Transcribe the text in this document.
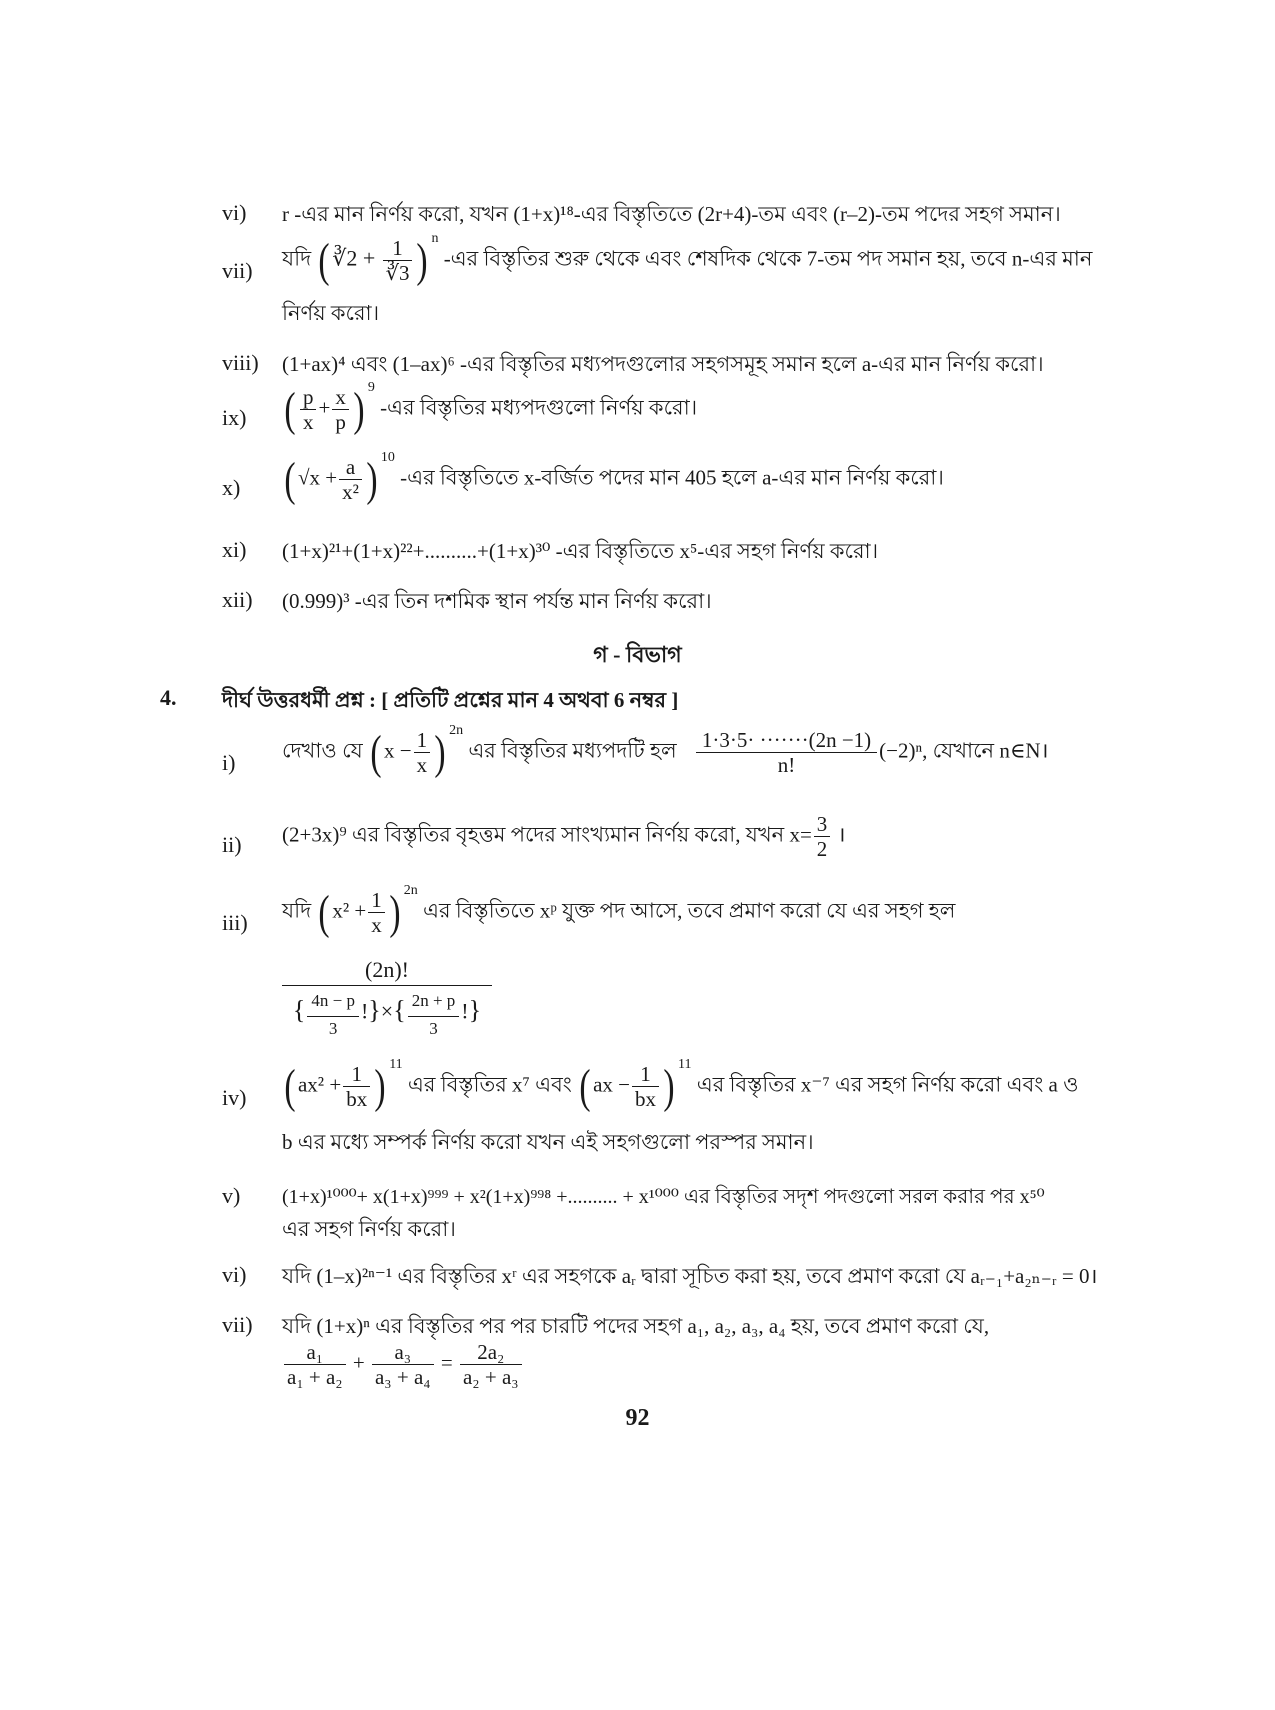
vi) r -এর মান নির্ণয় করো, যখন (1+x)¹⁸-এর বিস্তৃতিতে (2r+4)-তম এবং (r–2)-তম পদের সহগ সমান।
vii) যদি ( ∛2 + $\frac{1}{∛3}$ ) $^n$ -এর বিস্তৃতির শুরু থেকে এবং শেষদিক থেকে 7-তম পদ সমান হয়, তবে n-এর মান
নির্ণয় করো।
viii) (1+ax)⁴ এবং (1–ax)⁶ -এর বিস্তৃতির মধ্যপদগুলোর সহগসমূহ সমান হলে a-এর মান নির্ণয় করো।
ix) ( $\frac{p}{x} + \frac{x}{p}$ ) $^9$ -এর বিস্তৃতির মধ্যপদগুলো নির্ণয় করো।
x) ( $√x + \frac{a}{\text{x²}}$ ) $^{10}$ -এর বিস্তৃতিতে x-বর্জিত পদের মান 405 হলে a-এর মান নির্ণয় করো।
xi) (1+x)²¹+(1+x)²²+..........+(1+x)³⁰ -এর বিস্তৃতিতে x⁵-এর সহগ নির্ণয় করো।
xii) (0.999)³ -এর তিন দশমিক স্থান পর্যন্ত মান নির্ণয় করো।
গ - বিভাগ
4. দীর্ঘ উত্তরধর্মী প্রশ্ন : [ প্রতিটি প্রশ্নের মান 4 অথবা 6 নম্বর ]
i) দেখাও যে ( $x - \frac{1}{x}$ ) $^{2n}$ এর বিস্তৃতির মধ্যপদটি হল $\frac{1\cdot 3\cdot 5\cdot \cdot\cdot\cdot\cdot\cdot\cdot\cdot(2n -1)}{n!} (-2)^n$, যেখানে n∈N।
ii) (2+3x)⁹ এর বিস্তৃতির বৃহত্তম পদের সাংখ্যমান নির্ণয় করো, যখন $x= \frac{3}{2}$ ।
iii) যদি ( $x^2 + \frac{1}{x}$ ) $^{2n}$ এর বিস্তৃতিতে xᵖ যুক্ত পদ আসে, তবে প্রমাণ করো যে এর সহগ হল
(2n)!
{ $\frac{4n - p}{3}$ !}×{ $\frac{2n + p}{3}$ !}
iv) ( $ax^2 + \frac{1}{bx}$ ) $^{11}$ এর বিস্তৃতির x⁷ এবং ( ax − $\frac{1}{bx}$ ) $^{11}$ এর বিস্তৃতির x⁻⁷ এর সহগ নির্ণয় করো এবং a ও
b এর মধ্যে সম্পর্ক নির্ণয় করো যখন এই সহগগুলো পরস্পর সমান।
v) (1+x)¹⁰⁰⁰+ x(1+x)⁹⁹⁹ + x²(1+x)⁹⁹⁸ +.......... + x¹⁰⁰⁰ এর বিস্তৃতির সদৃশ পদগুলো সরল করার পর x⁵⁰
এর সহগ নির্ণয় করো।
vi) যদি (1–x)²ⁿ⁻¹ এর বিস্তৃতির xʳ এর সহগকে aᵣ দ্বারা সূচিত করা হয়, তবে প্রমাণ করো যে aᵣ₋₁+a₂ₙ₋ᵣ = 0।
vii) যদি (1+x)ⁿ এর বিস্তৃতির পর পর চারটি পদের সহগ a₁, a₂, a₃, a₄ হয়, তবে প্রমাণ করো যে,
$\frac{\text{a₁}}{\text{a₁ + a₂}} + \frac{\text{a₃}}{\text{a₃ + a₄}} = \frac{\text{2a₂}}{\text{a₂ + a₃}}$
92
